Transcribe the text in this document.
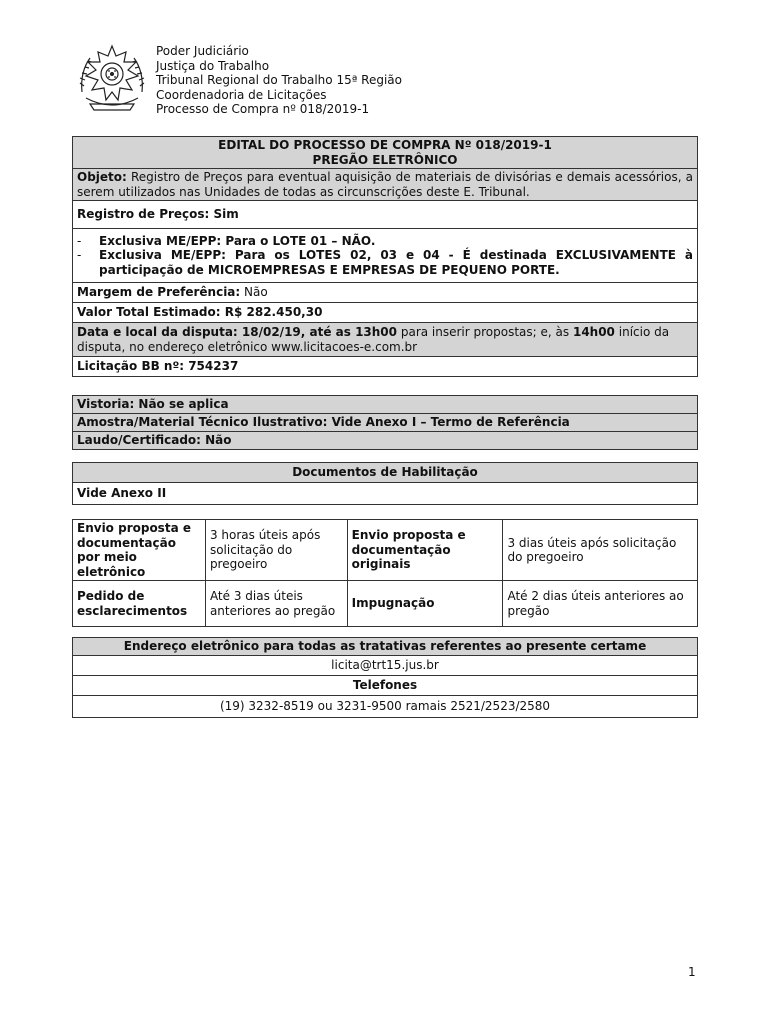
Poder Judiciário
Justiça do Trabalho
Tribunal Regional do Trabalho 15ª Região
Coordenadoria de Licitações
Processo de Compra nº 018/2019-1
EDITAL DO PROCESSO DE COMPRA Nº 018/2019-1
PREGÃO ELETRÔNICO

Objeto: Registro de Preços para eventual aquisição de materiais de divisórias e demais acessórios, a serem utilizados nas Unidades de todas as circunscrições deste E. Tribunal.
Registro de Preços: Sim

-	Exclusiva ME/EPP: Para o LOTE 01 – NÃO.
-	Exclusiva ME/EPP: Para os LOTES 02, 03 e 04 - É destinada EXCLUSIVAMENTE à participação de MICROEMPRESAS E EMPRESAS DE PEQUENO PORTE.

Margem de Preferência: Não
Valor Total Estimado: R$ 282.450,30
Data e local da disputa: 18/02/19, até as 13h00 para inserir propostas; e, às 14h00 início da disputa, no endereço eletrônico www.licitacoes-e.com.br
Licitação BB nº: 754237
Vistoria: Não se aplica
Amostra/Material Técnico Ilustrativo: Vide Anexo I – Termo de Referência
Laudo/Certificado: Não
Documentos de Habilitação
Vide Anexo II
Envio proposta e documentação por meio eletrônico	3 horas úteis após solicitação do pregoeiro	Envio proposta e documentação originais	3 dias úteis após solicitação do pregoeiro
Pedido de esclarecimentos	Até 3 dias úteis anteriores ao pregão	Impugnação	Até 2 dias úteis anteriores ao pregão
Endereço eletrônico para todas as tratativas referentes ao presente certame
licita@trt15.jus.br
Telefones
(19) 3232-8519 ou 3231-9500 ramais 2521/2523/2580
1
